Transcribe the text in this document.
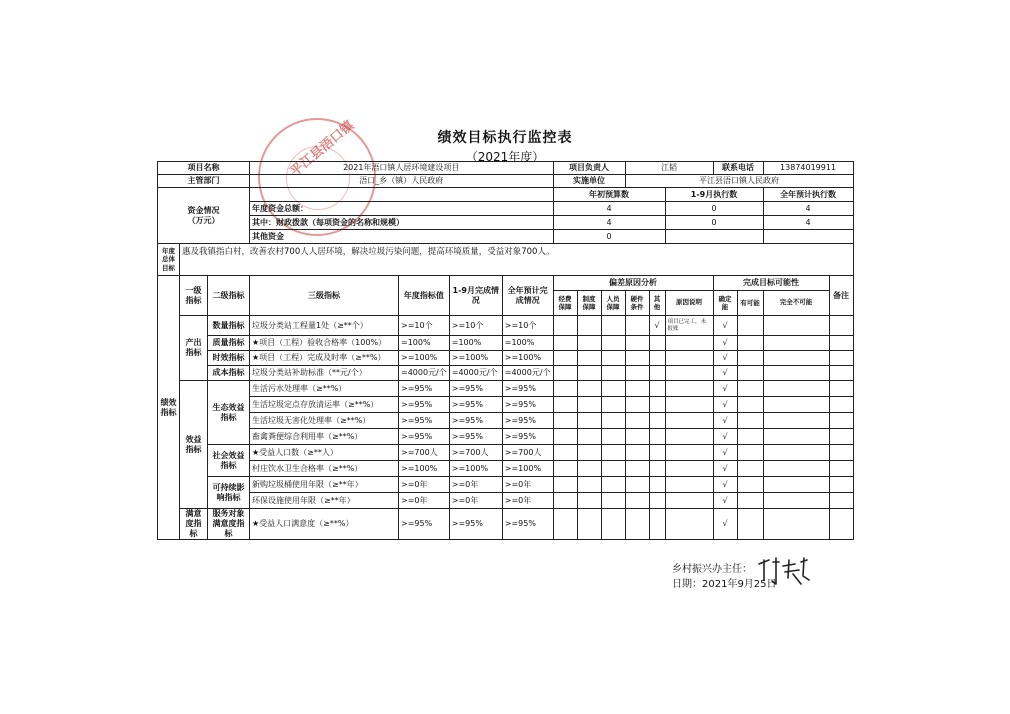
绩效目标执行监控表
（2021年度）
平江县浯口镇
项目名称			2021年浯口镇人居环境建设项目				项目负责人			江韬			联系电话		13874019911	
主管部门			浯口_乡（镇）人民政府				实施单位			平江县浯口镇人民政府						
资金情况
（万元）							年初预算数					1-9月执行数			全年预计执行数	
			年度资金总额：				4					0			4	
			其中：财政拨款（每项资金的名称和规模）				4					0			4	
			其他资金				0									
年度总体目标	惠及我镇指白村，改善农村700人人居环境，解决垃圾污染问题，提高环境质量，受益对象700人。															
绩效指标	一级指标	二级指标	三级指标	年度指标值	1-9月完成情况	全年预计完成情况	偏差原因分析						完成目标可能性			备注
							经费保障	制度保障	人员保障	硬件条件	其他	原因说明	确定能	有可能	完全不可能	
	产出指标	数量指标	垃圾分类站工程量1处（≥**个）	>=10个	>=10个	>=10个					√	项目已完工，未报账	√			
		质量指标	★项目（工程）验收合格率（100%）	=100%	=100%	=100%							√			
		时效指标	★项目（工程）完成及时率（≥**%）	>=100%	>=100%	>=100%							√			
		成本指标	垃圾分类站补助标准（**元/个）	=4000元/个	=4000元/个	=4000元/个							√			
	效益指标	生态效益指标	生活污水处理率（≥**%）	>=95%	>=95%	>=95%							√			
			生活垃圾定点存放清运率（≥**%）	>=95%	>=95%	>=95%							√			
			生活垃圾无害化处理率（≥**%）	>=95%	>=95%	>=95%							√			
			畜禽粪便综合利用率（≥**%）	>=95%	>=95%	>=95%							√			
		社会效益指标	★受益人口数（≥**人）	>=700人	>=700人	>=700人							√			
			村庄饮水卫生合格率（≥**%）	>=100%	>=100%	>=100%							√			
		可持续影响指标	新购垃圾桶使用年限（≥**年）	>=0年	>=0年	>=0年							√			
			环保设施使用年限（≥**年）	>=0年	>=0年	>=0年							√			
	满意度指标	服务对象满意度指标	★受益人口满意度（≥**%）	>=95%	>=95%	>=95%							√			
乡村振兴办主任：
日期：2021年9月25日
